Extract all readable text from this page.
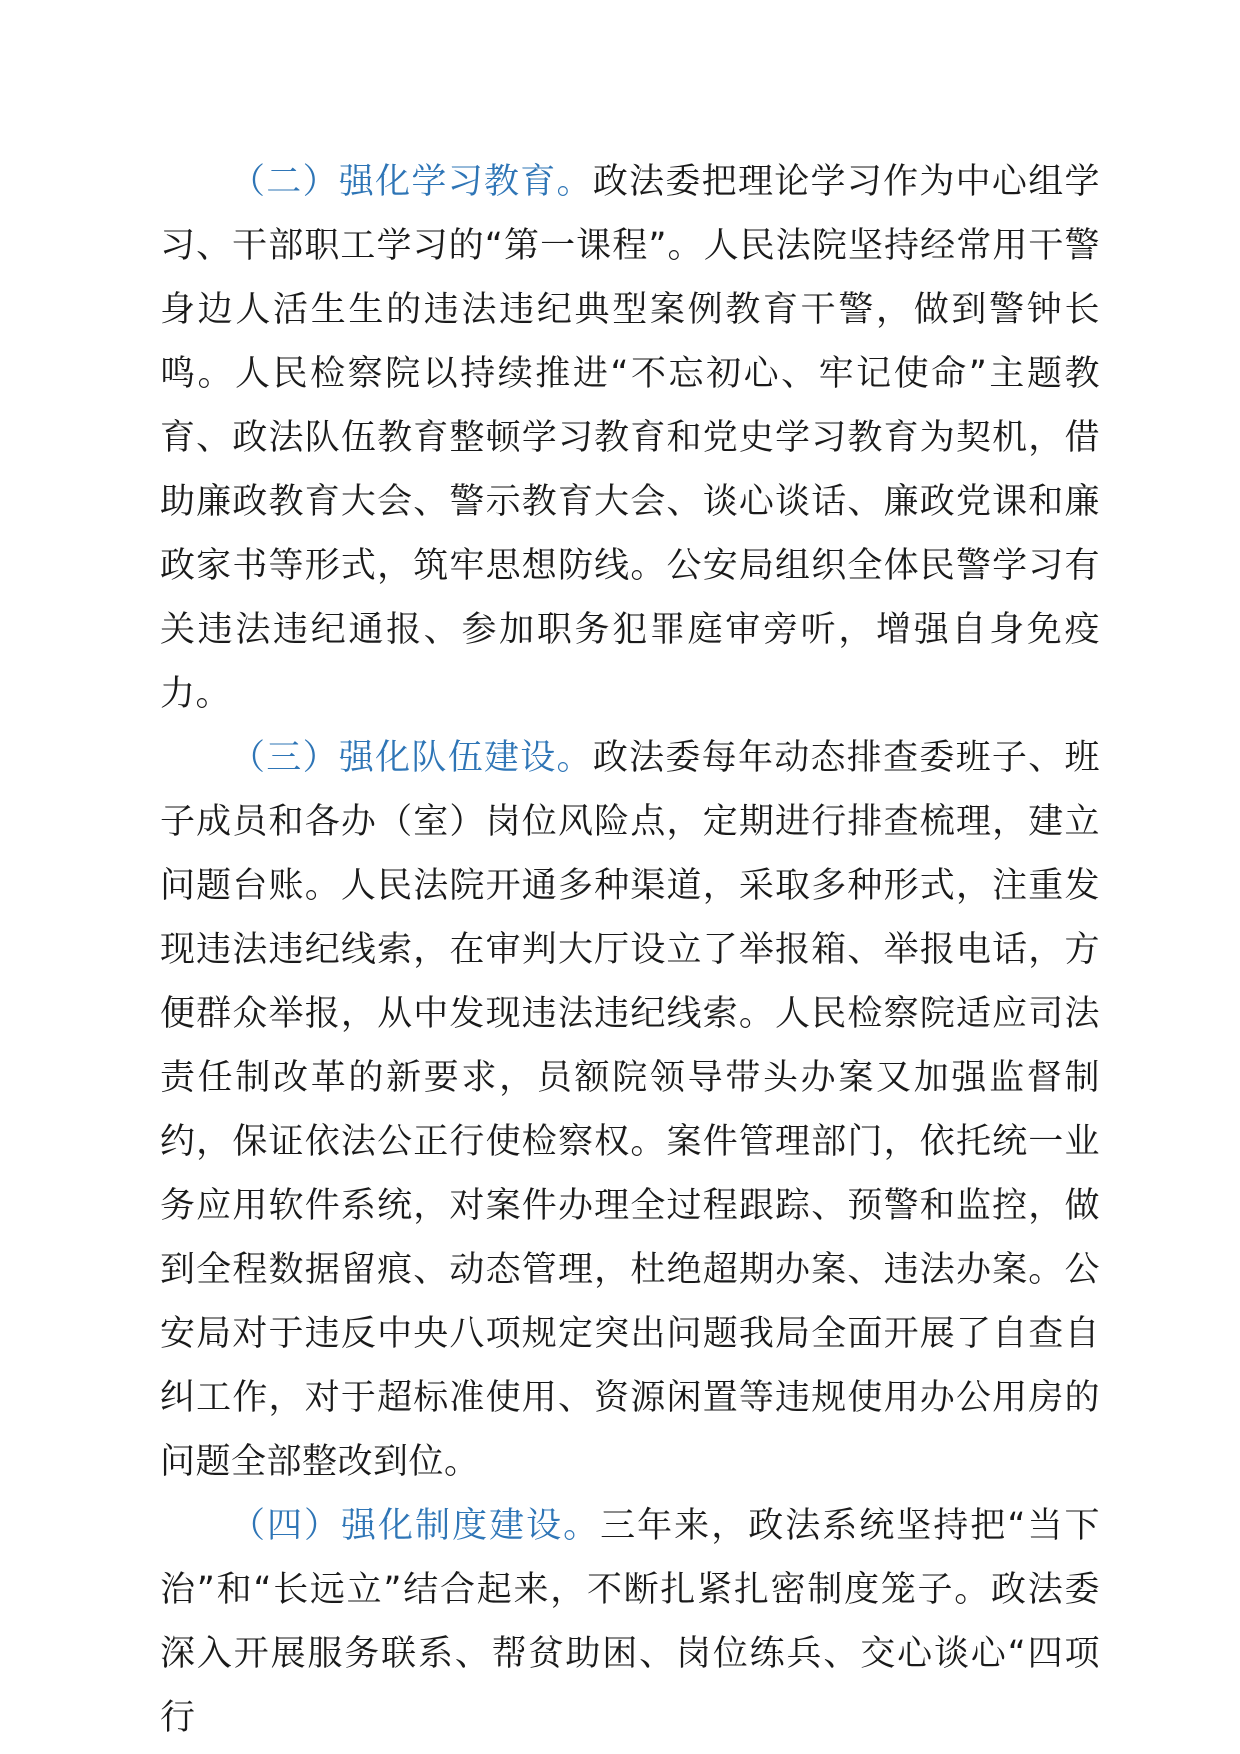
（二）强化学习教育。政法委把理论学习作为中心组学习、干部职工学习的“第一课程”。人民法院坚持经常用干警身边人活生生的违法违纪典型案例教育干警，做到警钟长鸣。人民检察院以持续推进“不忘初心、牢记使命”主题教育、政法队伍教育整顿学习教育和党史学习教育为契机，借助廉政教育大会、警示教育大会、谈心谈话、廉政党课和廉政家书等形式，筑牢思想防线。公安局组织全体民警学习有关违法违纪通报、参加职务犯罪庭审旁听，增强自身免疫力。

（三）强化队伍建设。政法委每年动态排查委班子、班子成员和各办（室）岗位风险点，定期进行排查梳理，建立问题台账。人民法院开通多种渠道，采取多种形式，注重发现违法违纪线索，在审判大厅设立了举报箱、举报电话，方便群众举报，从中发现违法违纪线索。人民检察院适应司法责任制改革的新要求，员额院领导带头办案又加强监督制约，保证依法公正行使检察权。案件管理部门，依托统一业务应用软件系统，对案件办理全过程跟踪、预警和监控，做到全程数据留痕、动态管理，杜绝超期办案、违法办案。公安局对于违反中央八项规定突出问题我局全面开展了自查自纠工作，对于超标准使用、资源闲置等违规使用办公用房的问题全部整改到位。

（四）强化制度建设。三年来，政法系统坚持把“当下治”和“长远立”结合起来，不断扎紧扎密制度笼子。政法委深入开展服务联系、帮贫助困、岗位练兵、交心谈心“四项行
